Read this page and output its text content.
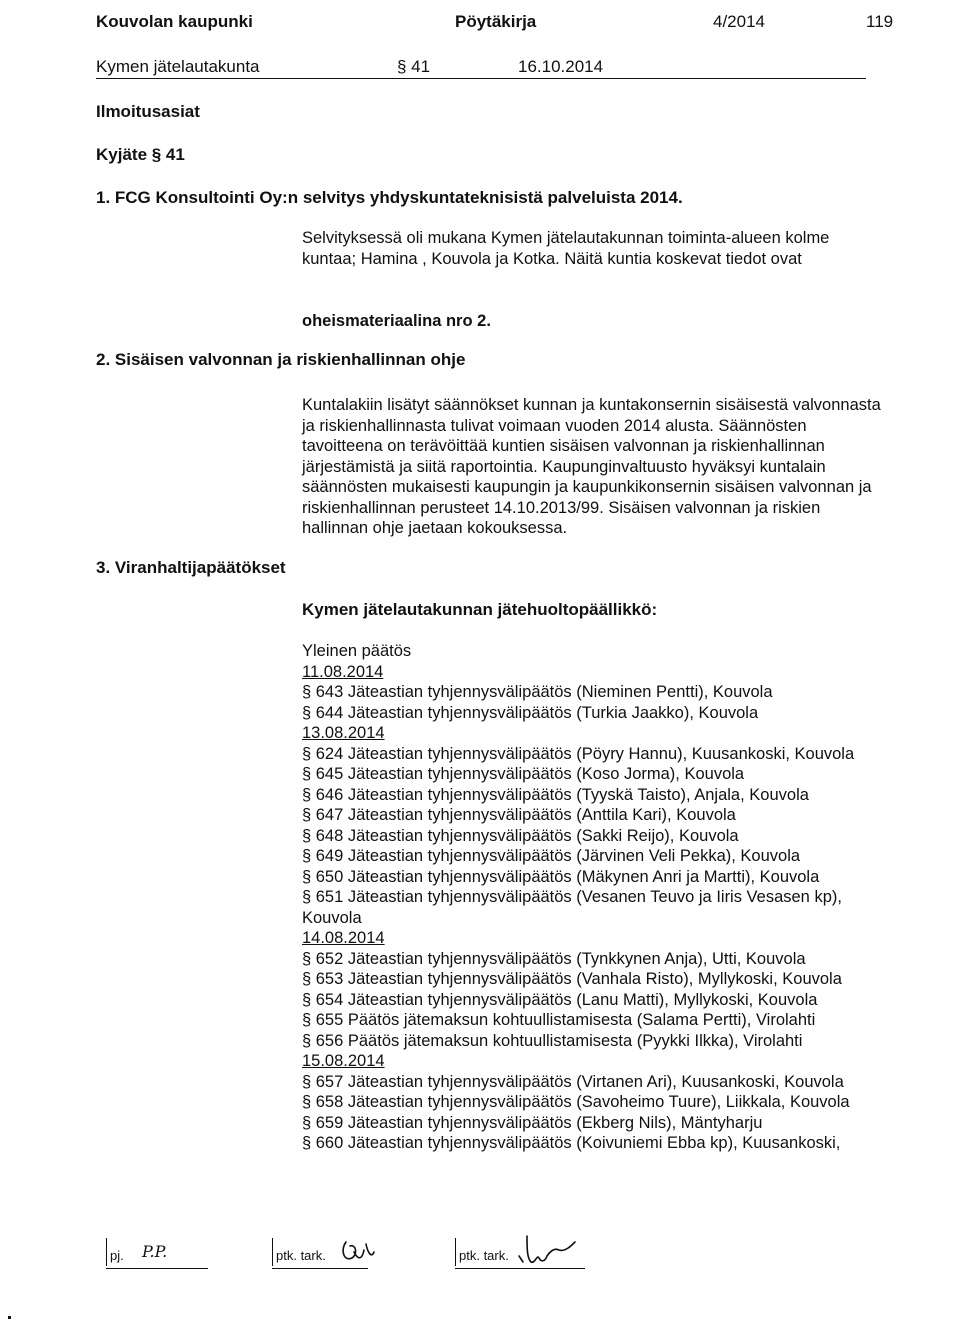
Kouvolan kaupunki	Pöytäkirja	4/2014	119
Kymen jätelautakunta	§ 41	16.10.2014
Ilmoitusasiat
Kyjäte § 41
1. FCG Konsultointi Oy:n selvitys yhdyskuntateknisistä palveluista 2014.
Selvityksessä oli mukana Kymen jätelautakunnan toiminta-alueen kolme kuntaa; Hamina , Kouvola ja Kotka. Näitä kuntia koskevat tiedot ovat
oheismateriaalina nro 2.
2. Sisäisen valvonnan ja riskienhallinnan ohje
Kuntalakiin lisätyt säännökset kunnan ja kuntakonsernin sisäisestä valvonnasta ja riskienhallinnasta tulivat voimaan vuoden 2014 alusta. Säännösten tavoitteena on terävöittää kuntien sisäisen valvonnan ja riskienhallinnan järjestämistä ja siitä raportointia. Kaupunginvaltuusto hyväksyi kuntalain säännösten mukaisesti kaupungin ja kaupunkikonsernin sisäisen valvonnan ja riskienhallinnan perusteet 14.10.2013/99. Sisäisen valvonnan ja riskien hallinnan ohje jaetaan kokouksessa.
3. Viranhaltijapäätökset
Kymen jätelautakunnan jätehuoltopäällikkö:
Yleinen päätös
11.08.2014
§ 643 Jäteastian tyhjennysvälipäätös (Nieminen Pentti), Kouvola
§ 644 Jäteastian tyhjennysvälipäätös (Turkia Jaakko), Kouvola
13.08.2014
§ 624 Jäteastian tyhjennysvälipäätös (Pöyry Hannu), Kuusankoski, Kouvola
§ 645 Jäteastian tyhjennysvälipäätös (Koso Jorma), Kouvola
§ 646 Jäteastian tyhjennysvälipäätös (Tyyskä Taisto), Anjala, Kouvola
§ 647 Jäteastian tyhjennysvälipäätös (Anttila Kari), Kouvola
§ 648 Jäteastian tyhjennysvälipäätös (Sakki Reijo), Kouvola
§ 649 Jäteastian tyhjennysvälipäätös (Järvinen Veli Pekka), Kouvola
§ 650 Jäteastian tyhjennysvälipäätös (Mäkynen Anri ja Martti), Kouvola
§ 651 Jäteastian tyhjennysvälipäätös (Vesanen Teuvo ja Iiris Vesasen kp), Kouvola
14.08.2014
§ 652 Jäteastian tyhjennysvälipäätös (Tynkkynen Anja), Utti, Kouvola
§ 653 Jäteastian tyhjennysvälipäätös (Vanhala Risto), Myllykoski, Kouvola
§ 654 Jäteastian tyhjennysvälipäätös (Lanu Matti), Myllykoski, Kouvola
§ 655 Päätös jätemaksun kohtuullistamisesta (Salama Pertti), Virolahti
§ 656 Päätös jätemaksun kohtuullistamisesta (Pyykki Ilkka), Virolahti
15.08.2014
§ 657 Jäteastian tyhjennysvälipäätös (Virtanen Ari), Kuusankoski, Kouvola
§ 658 Jäteastian tyhjennysvälipäätös (Savoheimo Tuure), Liikkala, Kouvola
§ 659 Jäteastian tyhjennysvälipäätös (Ekberg Nils), Mäntyharju
§ 660 Jäteastian tyhjennysvälipäätös (Koivuniemi Ebba kp), Kuusankoski,
pj. P.P.	ptk. tark.	ptk. tark.
